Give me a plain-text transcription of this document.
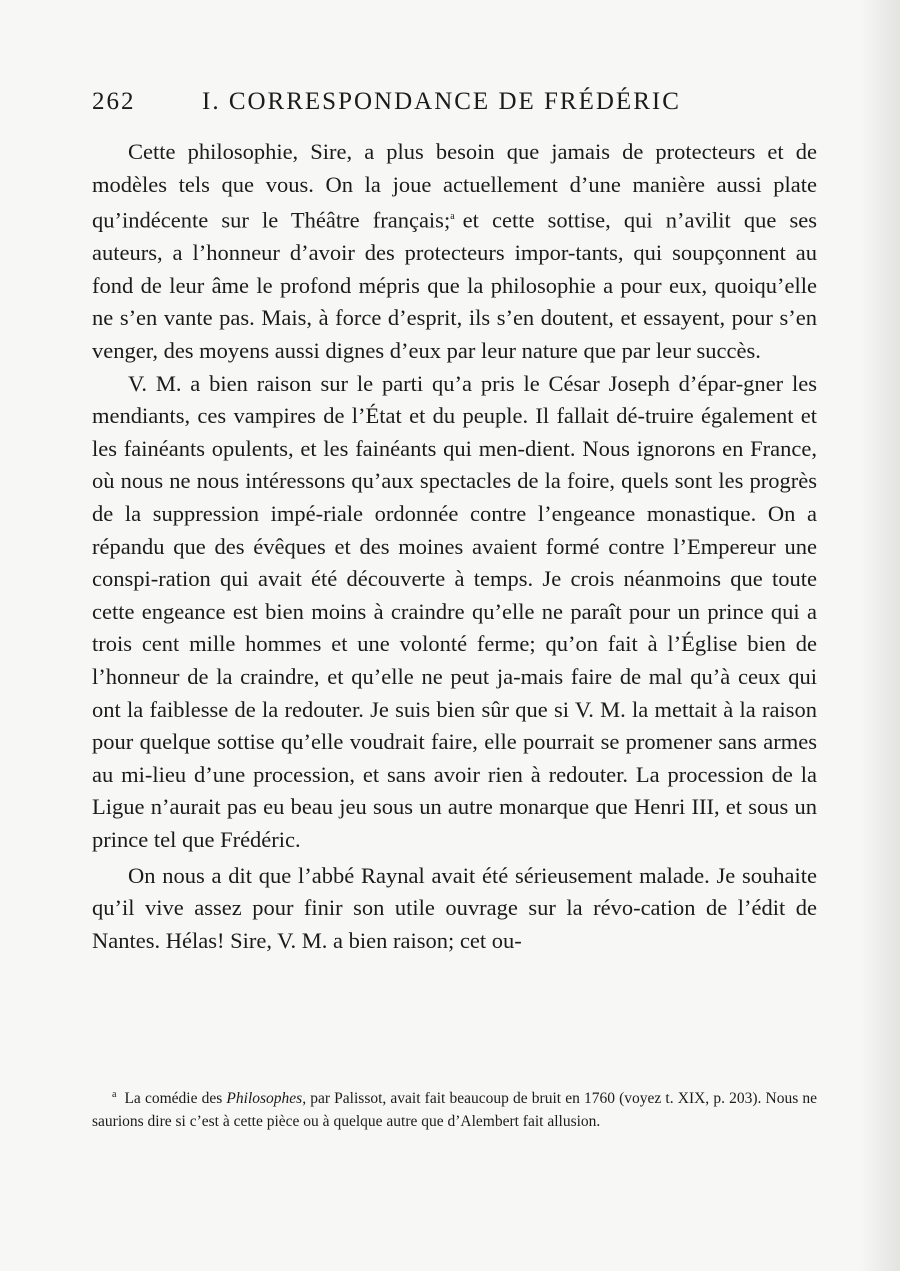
262	I. CORRESPONDANCE DE FRÉDÉRIC

Cette philosophie, Sire, a plus besoin que jamais de protecteurs et de modèles tels que vous. On la joue actuellement d’une manière aussi plate qu’indécente sur le Théâtre français;$^a$ et cette sottise, qui n’avilit que ses auteurs, a l’honneur d’avoir des protecteurs impor-tants, qui soupçonnent au fond de leur âme le profond mépris que la philosophie a pour eux, quoiqu’elle ne s’en vante pas. Mais, à force d’esprit, ils s’en doutent, et essayent, pour s’en venger, des moyens aussi dignes d’eux par leur nature que par leur succès.

V. M. a bien raison sur le parti qu’a pris le César Joseph d’épar-gner les mendiants, ces vampires de l’État et du peuple. Il fallait dé-truire également et les fainéants opulents, et les fainéants qui men-dient. Nous ignorons en France, où nous ne nous intéressons qu’aux spectacles de la foire, quels sont les progrès de la suppression impé-riale ordonnée contre l’engeance monastique. On a répandu que des évêques et des moines avaient formé contre l’Empereur une conspi-ration qui avait été découverte à temps. Je crois néanmoins que toute cette engeance est bien moins à craindre qu’elle ne paraît pour un prince qui a trois cent mille hommes et une volonté ferme; qu’on fait à l’Église bien de l’honneur de la craindre, et qu’elle ne peut ja-mais faire de mal qu’à ceux qui ont la faiblesse de la redouter. Je suis bien sûr que si V. M. la mettait à la raison pour quelque sottise qu’elle voudrait faire, elle pourrait se promener sans armes au mi-lieu d’une procession, et sans avoir rien à redouter. La procession de la Ligue n’aurait pas eu beau jeu sous un autre monarque que Henri III, et sous un prince tel que Frédéric.

On nous a dit que l’abbé Raynal avait été sérieusement malade. Je souhaite qu’il vive assez pour finir son utile ouvrage sur la révo-cation de l’édit de Nantes. Hélas! Sire, V. M. a bien raison; cet ou-

$^a$ La comédie des Philosophes, par Palissot, avait fait beaucoup de bruit en 1760 (voyez t. XIX, p. 203). Nous ne saurions dire si c’est à cette pièce ou à quelque autre que d’Alembert fait allusion.
